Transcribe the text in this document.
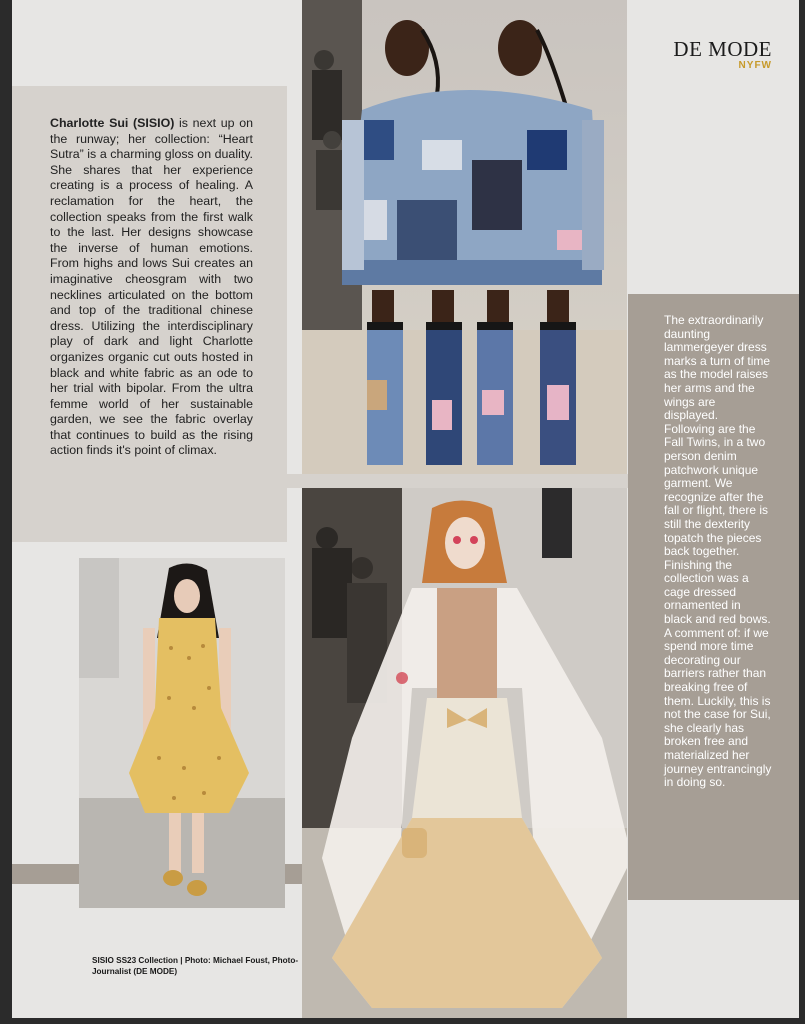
Charlotte Sui (SISIO) is next up on the runway; her collection: “Heart Sutra” is a charming gloss on duality. She shares that her experience creating is a process of healing. A reclamation for the heart, the collection speaks from the first walk to the last. Her designs showcase the inverse of human emotions. From highs and lows Sui creates an imaginative cheosgram with two necklines articulated on the bottom and top of the traditional chinese dress. Utilizing the interdisciplinary play of dark and light Charlotte organizes organic cut outs hosted in black and white fabric as an ode to her trial with bipolar. From the ultra femme world of her sustainable garden, we see the fabric overlay that continues to build as the rising action finds it's point of climax.
DE MODE
NYFW
The extraordinarily daunting lammergeyer dress marks a turn of time as the model raises her arms and the wings are displayed. Following are the Fall Twins, in a two person denim patchwork unique garment. We recognize after the fall or flight, there is still the dexterity topatch the pieces back together. Finishing the collection was a cage dressed ornamented in black and red bows. A comment of: if we spend more time decorating our barriers rather than breaking free of them. Luckily, this is not the case for Sui, she clearly has broken free and materialized her journey entrancingly in doing so.
SISIO SS23 Collection | Photo: Michael Foust, Photo-Journalist (DE MODE)
